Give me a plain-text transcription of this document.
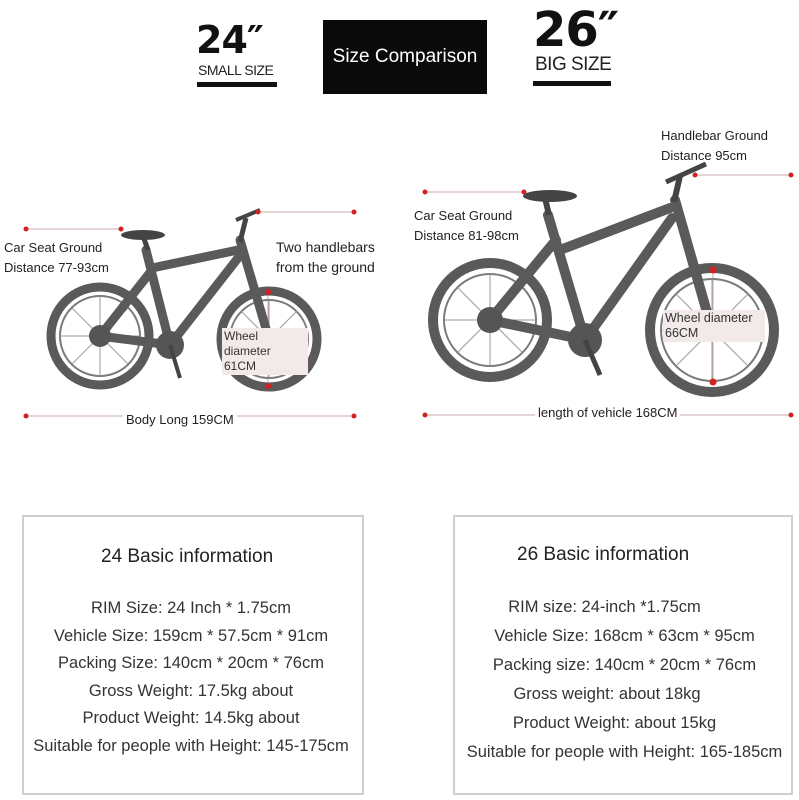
24″
SMALL SIZE
Size Comparison 26″
BIG SIZE
Car Seat Ground
Distance 77-93cm
Two handlebars
from the ground
Wheel diameter
61CM
Body Long 159CM
Car Seat Ground
Distance 81-98cm
Handlebar Ground
Distance 95cm
Wheel diameter
66CM
length of vehicle 168CM
24 Basic information
RIM Size: 24 Inch * 1.75cm
Vehicle Size: 159cm * 57.5cm * 91cm
Packing Size: 140cm * 20cm * 76cm
Gross Weight: 17.5kg about
Product Weight: 14.5kg about
Suitable for people with Height: 145-175cm
26 Basic information
RIM size: 24-inch *1.75cm
Vehicle Size: 168cm * 63cm * 95cm
Packing size: 140cm * 20cm * 76cm
Gross weight: about 18kg
Product Weight: about 15kg
Suitable for people with Height: 165-185cm
